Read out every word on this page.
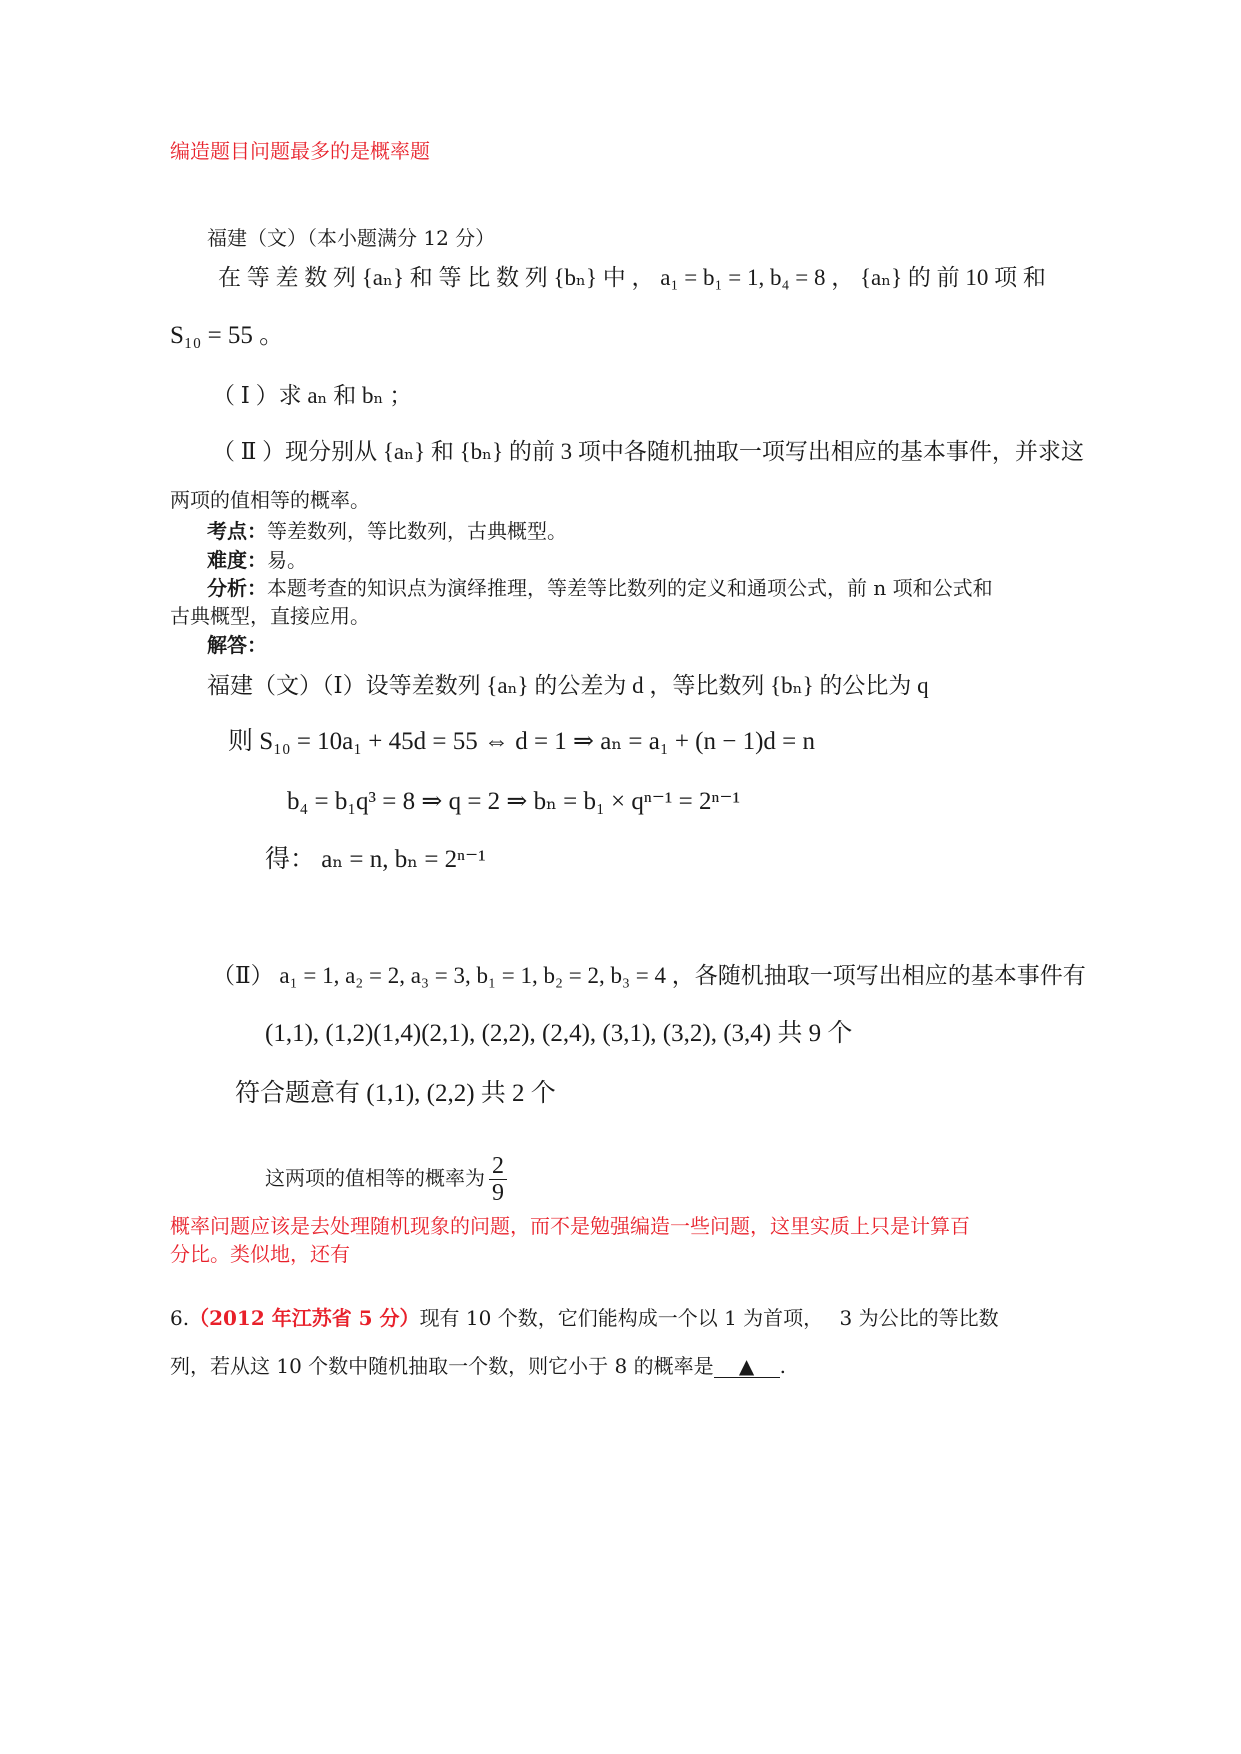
编造题目问题最多的是概率题
福建（文）（本小题满分 12 分）
在 等 差 数 列 {aₙ} 和 等 比 数 列 {bₙ} 中 ， a₁ = b₁ = 1, b₄ = 8 ， {aₙ} 的 前 10 项 和
S₁₀ = 55 。
（ Ⅰ ）求 aₙ 和 bₙ ；
（ Ⅱ ）现分别从 {aₙ} 和 {bₙ} 的前 3 项中各随机抽取一项写出相应的基本事件，并求这
两项的值相等的概率。
考点：等差数列，等比数列，古典概型。
难度：易。
分析：本题考查的知识点为演绎推理，等差等比数列的定义和通项公式，前 n 项和公式和
古典概型，直接应用。
解答：
福建（文）（Ⅰ）设等差数列 {aₙ} 的公差为 d ，等比数列 {bₙ} 的公比为 q
则 S₁₀ = 10a₁ + 45d = 55 ⇔ d = 1 ⇒ aₙ = a₁ + (n − 1)d = n
b₄ = b₁q³ = 8 ⇒ q = 2 ⇒ bₙ = b₁ × qⁿ⁻¹ = 2ⁿ⁻¹
得： aₙ = n, bₙ = 2ⁿ⁻¹
（Ⅱ） a₁ = 1, a₂ = 2, a₃ = 3, b₁ = 1, b₂ = 2, b₃ = 4 ，各随机抽取一项写出相应的基本事件有
(1,1), (1,2)(1,4)(2,1), (2,2), (2,4), (3,1), (3,2), (3,4) 共 9 个
符合题意有 (1,1), (2,2) 共 2 个
这两项的值相等的概率为 $\frac{2}{9}$
概率问题应该是去处理随机现象的问题，而不是勉强编造一些问题，这里实质上只是计算百
分比。类似地，还有
6.（2012 年江苏省 5 分）现有 10 个数，它们能构成一个以 1 为首项，　 3 为公比的等比数
列，若从这 10 个数中随机抽取一个数，则它小于 8 的概率是 ▲ .
